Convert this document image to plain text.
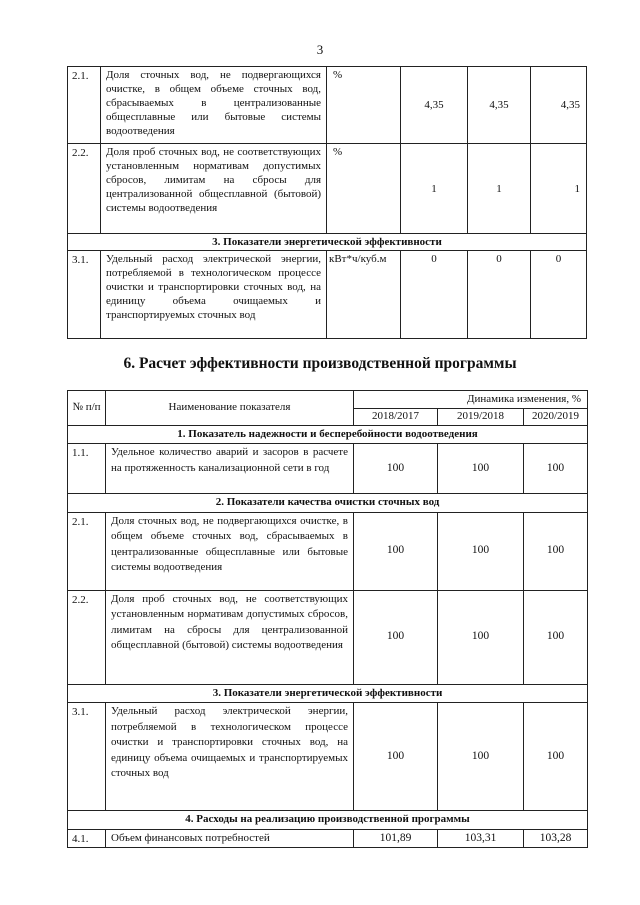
3
2.1.	Доля сточных вод, не подвергающихся очистке, в общем объеме сточных вод, сбрасываемых в централизованные общесплавные или бытовые системы водоотведения	%	4,35	4,35	4,35
2.2.	Доля проб сточных вод, не соответствующих установленным нормативам допустимых сбросов, лимитам на сбросы для централизованной общесплавной (бытовой) системы водоотведения	%	1	1	1
3. Показатели энергетической эффективности					
3.1.	Удельный расход электрической энергии, потребляемой в технологическом процессе очистки и транспортировки сточных вод, на единицу объема очищаемых и транспортируемых сточных вод	кВт*ч/куб.м	0	0	0
6. Расчет эффективности производственной программы
№ п/п	Наименование показателя	Динамика изменения, %		
		2018/2017	2019/2018	2020/2019
1. Показатель надежности и бесперебойности водоотведения				
1.1.	Удельное количество аварий и засоров в расчете на протяженность канализационной сети в год	100	100	100
2. Показатели качества очистки сточных вод				
2.1.	Доля сточных вод, не подвергающихся очистке, в общем объеме сточных вод, сбрасываемых в централизованные общесплавные или бытовые системы водоотведения	100	100	100
2.2.	Доля проб сточных вод, не соответствующих установленным нормативам допустимых сбросов, лимитам на сбросы для централизованной общесплавной (бытовой) системы водоотведения	100	100	100
3. Показатели энергетической эффективности				
3.1.	Удельный расход электрической энергии, потребляемой в технологическом процессе очистки и транспортировки сточных вод, на единицу объема очищаемых и транспортируемых сточных вод	100	100	100
4. Расходы на реализацию производственной программы				
4.1.	Объем финансовых потребностей	101,89	103,31	103,28
